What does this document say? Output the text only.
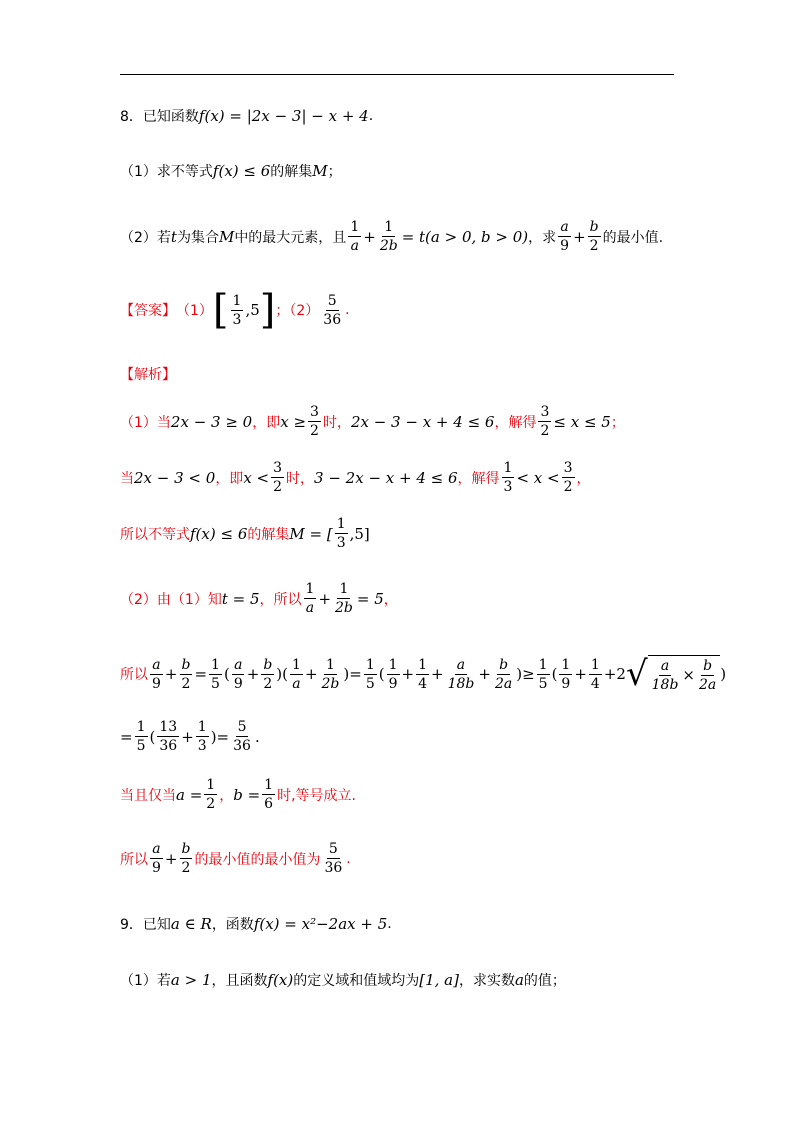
8．已知函数 f(x) = |2x − 3| − x + 4 .
（1）求不等式 f(x) ≤ 6 的解集 M ；
（2）若 t 为集合 M 中的最大元素，且 $\frac{1}{a} + \frac{1}{2b} = t(a > 0$, b > 0) ，求 $\frac{a}{9} + \frac{b}{2}$ 的最小值.
【答案】 （1） [ $\frac{1}{3} ,5$ ] ；$(2) \frac{5}{36}$ .
【解析】
（1）当 2x − 3 ≥ 0 ，即 $x \ge \frac{3}{2}$ 时， 2x − 3 − x + 4 ≤ 6 ，解得 $\frac{3}{2} \le x \le 5$ ；
当 2x − 3 < 0 ，即 $x < \frac{3}{2}$ 时， 3 − 2x − x + 4 ≤ 6 ，解得 $\frac{1}{3} < x < \frac{3}{2}$ ，
所以不等式 f(x) ≤ 6 的解集 M = [ $\frac{1}{3} ,5$]
（2）由（1）知 t = 5 ，所以 $\frac{1}{a} + \frac{1}{2b} = 5$ ，
所以 $\frac{a}{9} + \frac{b}{2} = \frac{1}{5}$ ( $\frac{a}{9} + \frac{b}{2}$ )( $\frac{1}{a} + \frac{1}{2b}$ )= $\frac{1}{5}$ ( $\frac{1}{9} + \frac{1}{4} + \frac{a}{18b} + \frac{b}{2a}$ )≥ $\frac{1}{5}$ ( $\frac{1}{9} + \frac{1}{4} +2$ √ $\frac{a}{18b} \times \frac{b}{2a}$ )
= $\frac{1}{5}$ ( $\frac{13}{36} + \frac{1}{3}$ )= $\frac{5}{36}$ .
当且仅当 $a = \frac{1}{2}$ ， $b = \frac{1}{6}$ 时,等号成立.
所以 $\frac{a}{9} + \frac{b}{2}$ 的最小值的最小值为 $\frac{5}{36}$ .
9．已知 a ∈ R ，函数 f(x) = x²−2ax + 5 .
（1）若 a > 1 ，且函数 f(x) 的定义域和值域均为 [1, a] ，求实数 a 的值；
